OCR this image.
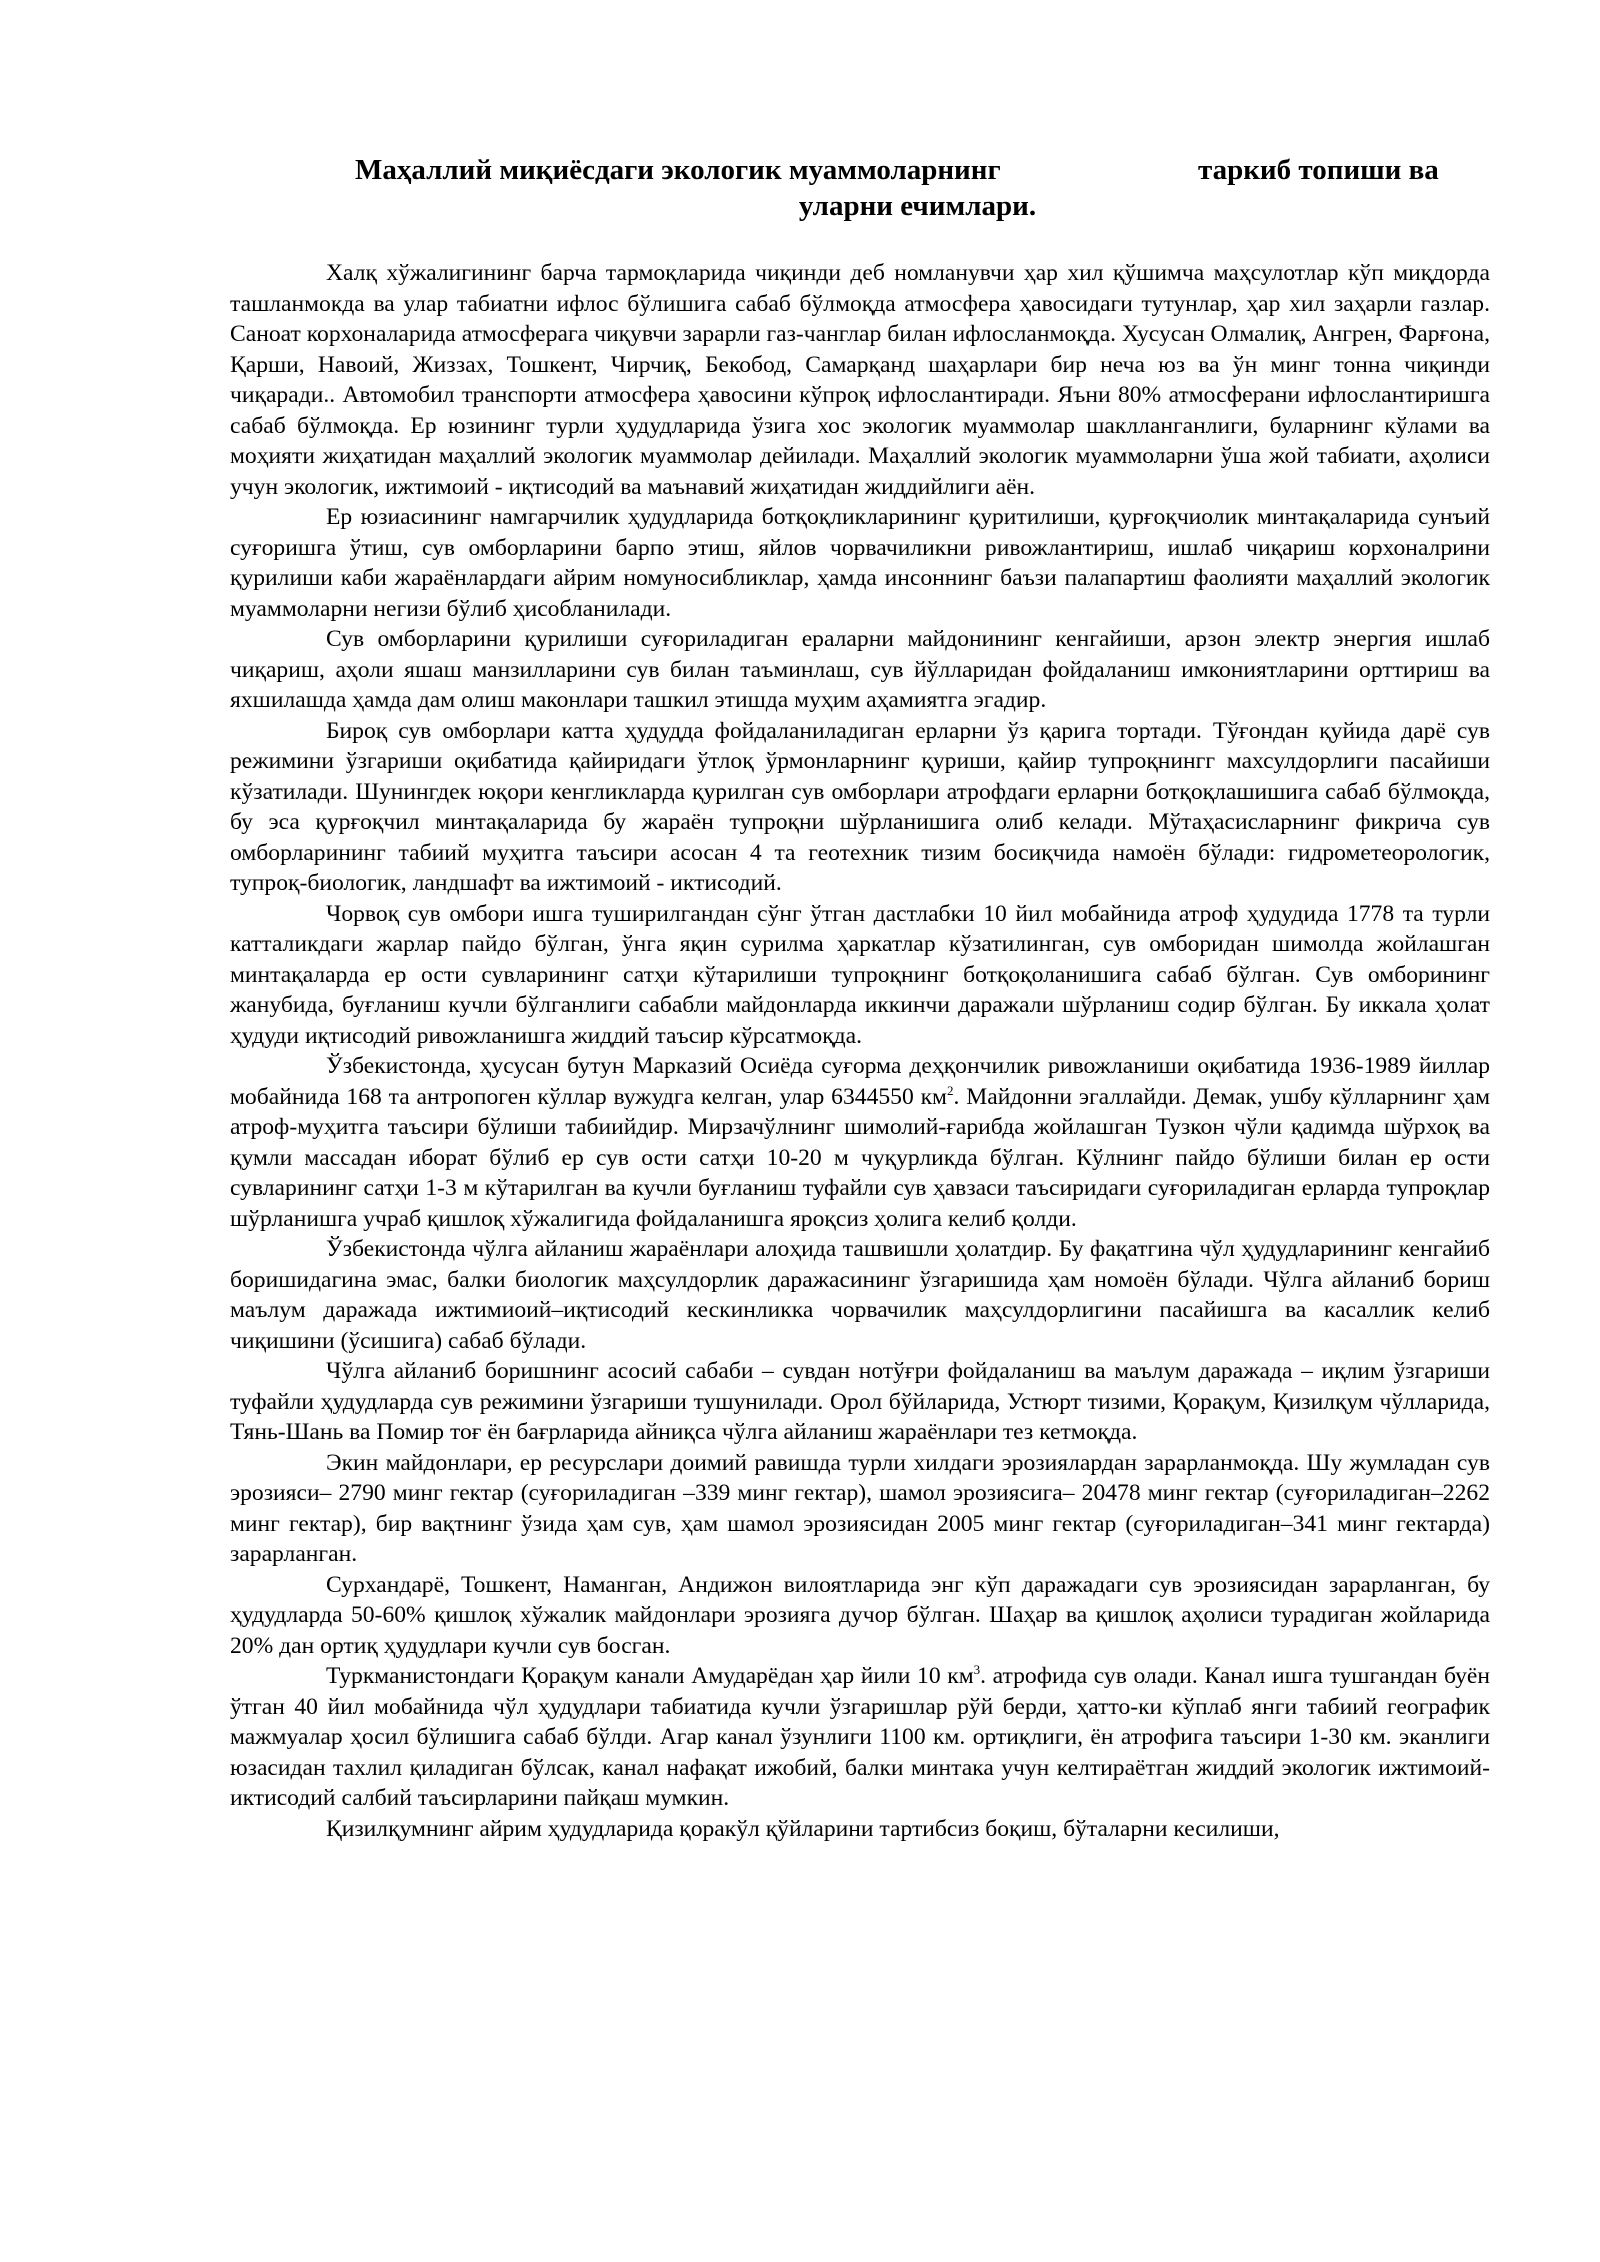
Маҳаллий миқиёсдаги экологик муаммоларнинг	таркиб топиши ва
уларни ечимлари.

Халқ хўжалигининг барча тармоқларида чиқинди деб номланувчи ҳар хил қўшимча маҳсулотлар кўп миқдорда ташланмокда ва улар табиатни ифлос бўлишига сабаб бўлмоқда атмосфера ҳавосидаги тутунлар, ҳар хил заҳарли газлар. Саноат корхоналарида атмосферага чиқувчи зарарли газ-чанглар билан ифлосланмоқда. Хусусан Олмалиқ, Ангрен, Фарғона, Қарши, Навоий, Жиззах, Тошкент, Чирчиқ, Бекобод, Самарқанд шаҳарлари бир неча юз ва ўн минг тонна чиқинди чиқаради.. Автомобил транспорти атмосфера ҳавосини кўпроқ ифлослантиради. Яъни 80% атмосферани ифлослантиришга сабаб бўлмоқда. Ер юзининг турли ҳудудларида ўзига хос экологик муаммолар шаклланганлиги, буларнинг кўлами ва моҳияти жиҳатидан маҳаллий экологик муаммолар дейилади. Маҳаллий экологик муаммоларни ўша жой табиати, аҳолиси учун экологик, ижтимоий - иқтисодий ва маънавий жиҳатидан жиддийлиги аён.

Ер юзиасининг намгарчилик ҳудудларида ботқоқликларининг қуритилиши, қурғоқчиолик минтақаларида сунъий суғоришга ўтиш, сув омборларини барпо этиш, яйлов чорвачиликни ривожлантириш, ишлаб чиқариш корхоналрини қурилиши каби жараёнлардаги айрим номуносибликлар, ҳамда инсоннинг баъзи палапартиш фаолияти маҳаллий экологик муаммоларни негизи бўлиб ҳисобланилади.

Сув омборларини қурилиши суғориладиган ераларни майдонининг кенгайиши, арзон электр энергия ишлаб чиқариш, аҳоли яшаш манзилларини сув билан таъминлаш, сув йўлларидан фойдаланиш имкониятларини орттириш ва яхшилашда ҳамда дам олиш маконлари ташкил этишда муҳим аҳамиятга эгадир.

Бироқ сув омборлари катта ҳудудда фойдаланиладиган ерларни ўз қарига тортади. Тўғондан қуйида дарё сув режимини ўзгариши оқибатида қайиридаги ўтлоқ ўрмонларнинг қуриши, қайир тупроқнингг махсулдорлиги пасайиши кўзатилади. Шунингдек юқори кенгликларда қурилган сув омборлари атрофдаги ерларни ботқоқлашишига сабаб бўлмоқда, бу эса қурғоқчил минтақаларида бу жараён тупроқни шўрланишига олиб келади. Мўтаҳасисларнинг фикрича сув омборларининг табиий муҳитга таъсири асосан 4 та геотехник тизим босиқчида намоён бўлади: гидрометеорологик, тупроқ-биологик, ландшафт ва ижтимоий - иктисодий.

Чорвоқ сув омбори ишга туширилгандан сўнг ўтган дастлабки 10 йил мобайнида атроф ҳудудида 1778 та турли катталикдаги жарлар пайдо бўлган, ўнга яқин сурилма ҳаркатлар кўзатилинган, сув омборидан шимолда жойлашган минтақаларда ер ости сувларининг сатҳи кўтарилиши тупроқнинг ботқоқоланишига сабаб бўлган. Сув омборининг жанубида, буғланиш кучли бўлганлиги сабабли майдонларда иккинчи даражали шўрланиш содир бўлган. Бу иккала ҳолат ҳудуди иқтисодий ривожланишга жиддий таъсир кўрсатмоқда.

Ўзбекистонда, ҳусусан бутун Марказий Осиёда суғорма деҳқончилик ривожланиши оқибатида 1936-1989 йиллар мобайнида 168 та антропоген кўллар вужудга келган, улар 6344550 $км^2$. Майдонни эгаллайди. Демак, ушбу кўлларнинг ҳам атроф-муҳитга таъсири бўлиши табиийдир. Мирзачўлнинг шимолий-ғарибда жойлашган Тузкон чўли қадимда шўрхоқ ва қумли массадан иборат бўлиб ер сув ости сатҳи 10-20 м чуқурликда бўлган. Кўлнинг пайдо бўлиши билан ер ости сувларининг сатҳи 1-3 м кўтарилган ва кучли буғланиш туфайли сув ҳавзаси таъсиридаги суғориладиган ерларда тупроқлар шўрланишга учраб қишлоқ хўжалигида фойдаланишга яроқсиз ҳолига келиб қолди.

Ўзбекистонда чўлга айланиш жараёнлари алоҳида ташвишли ҳолатдир. Бу фақатгина чўл ҳудудларининг кенгайиб боришидагина эмас, балки биологик маҳсулдорлик даражасининг ўзгаришида ҳам номоён бўлади. Чўлга айланиб бориш маълум даражада ижтимиоий–иқтисодий кескинликка чорвачилик маҳсулдорлигини пасайишга ва касаллик келиб чиқишини (ўсишига) сабаб бўлади.

Чўлга айланиб боришнинг асосий сабаби – сувдан нотўғри фойдаланиш ва маълум даражада – иқлим ўзгариши туфайли ҳудудларда сув режимини ўзгариши тушунилади. Орол бўйларида, Устюрт тизими, Қорақум, Қизилқум чўлларида, Тянь-Шань ва Помир тоғ ён бағрларида айниқса чўлга айланиш жараёнлари тез кетмоқда.

Экин майдонлари, ер ресурслари доимий равишда турли хилдаги эрозиялардан зарарланмоқда. Шу жумладан сув эрозияси– 2790 минг гектар (суғориладиган –339 минг гектар), шамол эрозиясига– 20478 минг гектар (суғориладиган–2262 минг гектар), бир вақтнинг ўзида ҳам сув, ҳам шамол эрозиясидан 2005 минг гектар (суғориладиган–341 минг гектарда) зарарланган.

Сурхандарё, Тошкент, Наманган, Андижон вилоятларида энг кўп даражадаги сув эрозиясидан зарарланган, бу ҳудудларда 50-60% қишлоқ хўжалик майдонлари эрозияга дучор бўлган. Шаҳар ва қишлоқ аҳолиси турадиган жойларида 20% дан ортиқ ҳудудлари кучли сув босган.

Туркманистондаги Қорақум канали Амударёдан ҳар йили 10 $км^3$. атрофида сув олади. Канал ишга тушгандан буён ўтган 40 йил мобайнида чўл ҳудудлари табиатида кучли ўзгаришлар рўй берди, ҳатто-ки кўплаб янги табиий географик мажмуалар ҳосил бўлишига сабаб бўлди. Агар канал ўзунлиги 1100 км. ортиқлиги, ён атрофига таъсири 1-30 км. эканлиги юзасидан тахлил қиладиган бўлсак, канал нафақат ижобий, балки минтака учун келтираётган жиддий экологик ижтимоий-иктисодий салбий таъсирларини пайқаш мумкин.

Қизилқумнинг айрим ҳудудларида қоракўл қўйларини тартибсиз боқиш, бўталарни кесилиши,
